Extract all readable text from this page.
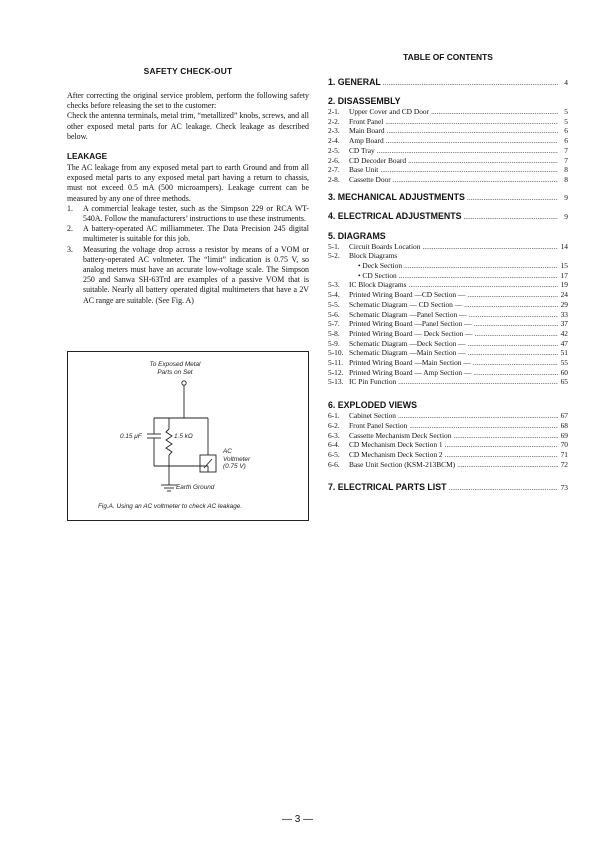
SAFETY CHECK-OUT

After correcting the original service problem, perform the following safety checks before releasing the set to the customer:

Check the antenna terminals, metal trim, “metallized” knobs, screws, and all other exposed metal parts for AC leakage. Check leakage as described below.

LEAKAGE

The AC leakage from any exposed metal part to earth Ground and from all exposed metal parts to any exposed metal part having a return to chassis, must not exceed 0.5 mA (500 microampers). Leakage current can be measured by any one of three methods.

1. A commercial leakage tester, such as the Simpson 229 or RCA WT-540A. Follow the manufacturers’ instructions to use these instruments.
2. A battery-operated AC milliammeter. The Data Precision 245 digital multimeter is suitable for this job.
3. Measuring the voltage drop across a resistor by means of a VOM or battery-operated AC voltmeter. The “limit” indication is 0.75 V, so analog meters must have an accurate low-voltage scale. The Simpson 250 and Sanwa SH-63Trd are examples of a passive VOM that is suitable. Nearly all battery operated digital multimeters that have a 2V AC range are suitable. (See Fig. A)
To Exposed Metal
Parts on Set
0.15 μF	1.5 kΩ
AC
Voltmeter
(0.75 V)
Earth Ground
Fig.A. Using an AC voltmeter to check AC leakage.
TABLE OF CONTENTS
1. GENERAL .....	4
2. DISASSEMBLY
2-1.	Upper Cover and CD Door .....	5
2-2.	Front Panel .....	5
2-3.	Main Board .....	6
2-4.	Amp Board .....	6
2-5.	CD Tray .....	7
2-6.	CD Decoder Board .....	7
2-7.	Base Unit .....	8
2-8.	Cassette Door .....	8
3. MECHANICAL ADJUSTMENTS .....	9
4. ELECTRICAL ADJUSTMENTS .....	9
5. DIAGRAMS
5-1.	Circuit Boards Location .....	14
5-2.	Block Diagrams
• Deck Section .....	15
• CD Section .....	17
5-3.	IC Block Diagrams .....	19
5-4.	Printed Wiring Board —CD Section — .....	24
5-5.	Schematic Diagram — CD Section — .....	29
5-6.	Schematic Diagram —Panel Section — .....	33
5-7.	Printed Wiring Board —Panel Section — .....	37
5-8.	Printed Wiring Board — Deck Section — .....	42
5-9.	Schematic Diagram —Deck Section — .....	47
5-10. Schematic Diagram —Main Section — .....	51
5-11. Printed Wiring Board —Main Section — .....	55
5-12. Printed Wiring Board — Amp Section — .....	60
5-13. IC Pin Function .....	65
6. EXPLODED VIEWS
6-1.	Cabinet Section .....	67
6-2.	Front Panel Section .....	68
6-3.	Cassette Mechanism Deck Section .....	69
6-4.	CD Mechanism Deck Section 1 .....	70
6-5.	CD Mechanism Deck Section 2 .....	71
6-6.	Base Unit Section (KSM-213BCM) .....	72
7. ELECTRICAL PARTS LIST .....	73
— 3 —
